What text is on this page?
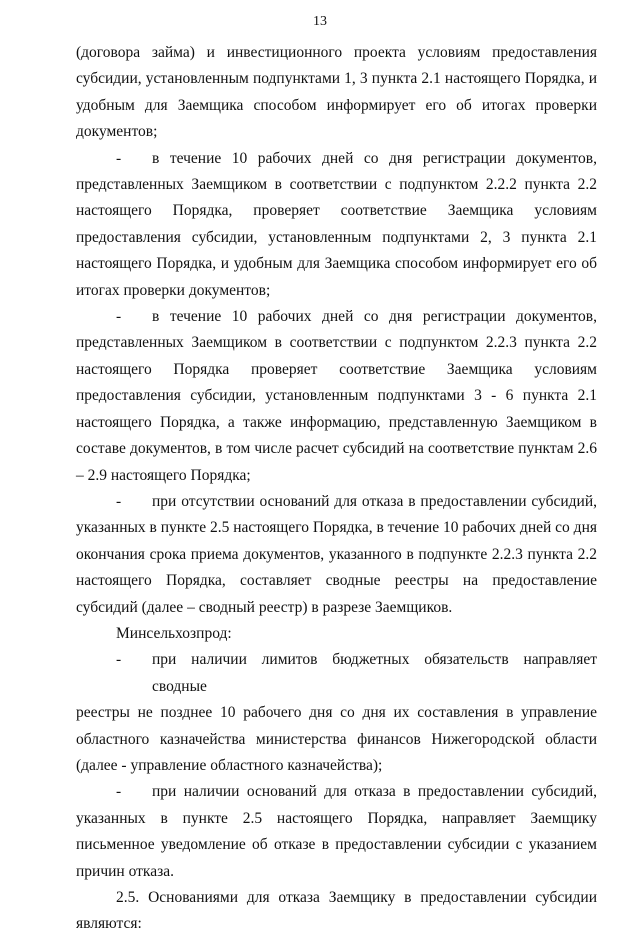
13

(договора займа) и инвестиционного проекта условиям предоставления субсидии, установленным подпунктами 1, 3 пункта 2.1 настоящего Порядка, и удобным для Заемщика способом информирует его об итогах проверки документов;

-	в течение 10 рабочих дней со дня регистрации документов,

представленных Заемщиком в соответствии с подпунктом 2.2.2 пункта 2.2 настоящего Порядка, проверяет соответствие Заемщика условиям предоставления субсидии, установленным подпунктами 2, 3 пункта 2.1 настоящего Порядка, и удобным для Заемщика способом информирует его об итогах проверки документов;

-	в течение 10 рабочих дней со дня регистрации документов,

представленных Заемщиком в соответствии с подпунктом 2.2.3 пункта 2.2 настоящего Порядка проверяет соответствие Заемщика условиям предоставления субсидии, установленным подпунктами 3 - 6 пункта 2.1 настоящего Порядка, а также информацию, представленную Заемщиком в составе документов, в том числе расчет субсидий на соответствие пунктам 2.6 – 2.9 настоящего Порядка;

-	при отсутствии оснований для отказа в предоставлении субсидий,

указанных в пункте 2.5 настоящего Порядка, в течение 10 рабочих дней со дня окончания срока приема документов, указанного в подпункте 2.2.3 пункта 2.2 настоящего Порядка, составляет сводные реестры на предоставление субсидий (далее – сводный реестр) в разрезе Заемщиков.

Минсельхозпрод:

-	при наличии лимитов бюджетных обязательств направляет сводные

реестры не позднее 10 рабочего дня со дня их составления в управление областного казначейства министерства финансов Нижегородской области (далее - управление областного казначейства);

-	при наличии оснований для отказа в предоставлении субсидий,

указанных в пункте 2.5 настоящего Порядка, направляет Заемщику письменное уведомление об отказе в предоставлении субсидии с указанием причин отказа.

2.5. Основаниями для отказа Заемщику в предоставлении субсидии являются:
